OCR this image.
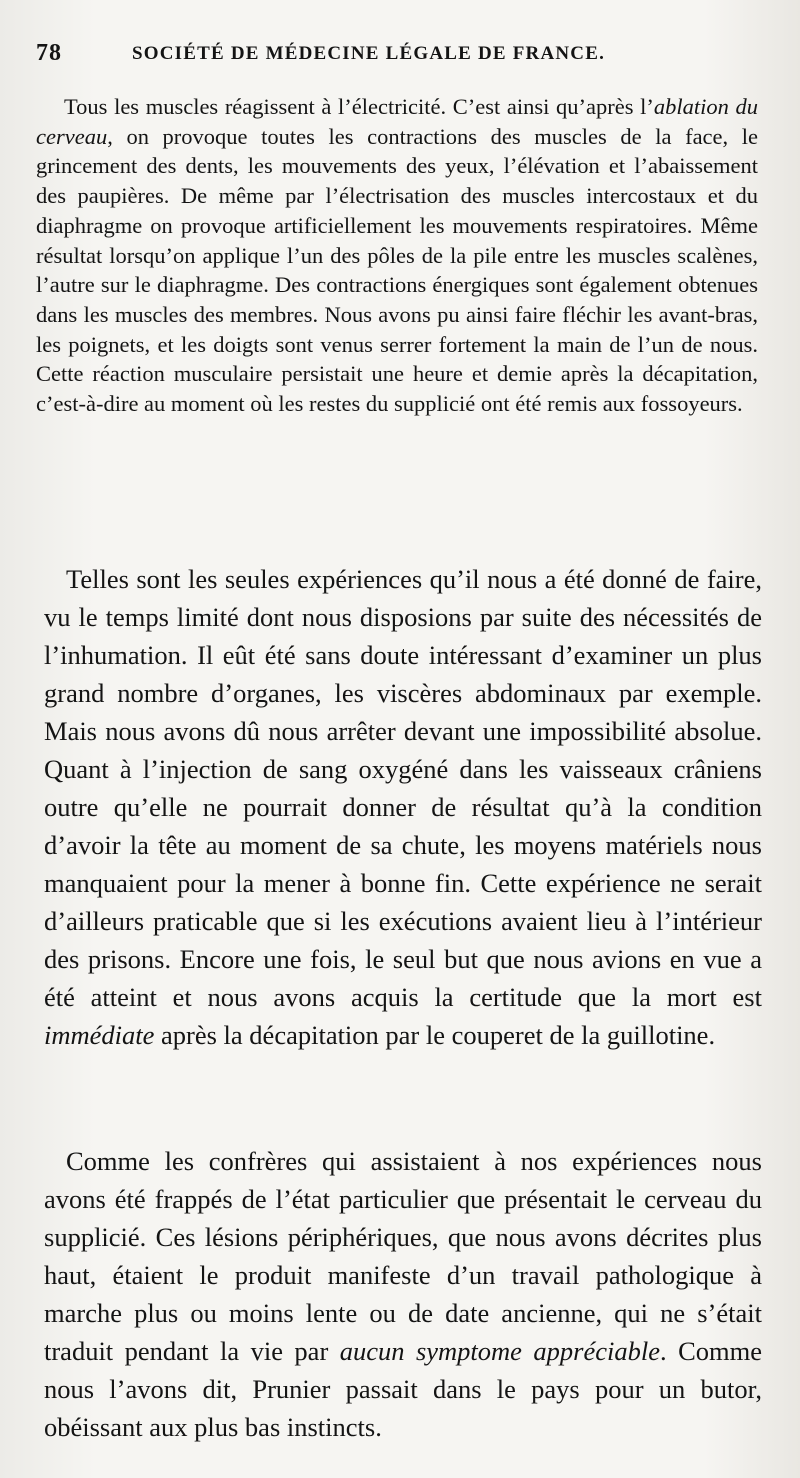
78	SOCIÉTÉ DE MÉDECINE LÉGALE DE FRANCE.

Tous les muscles réagissent à l’électricité. C’est ainsi qu’après l’ablation du cerveau, on provoque toutes les contractions des muscles de la face, le grincement des dents, les mouvements des yeux, l’élévation et l’abaissement des paupières. De même par l’électrisation des muscles intercostaux et du diaphragme on provoque artificiellement les mouvements respiratoires. Même résultat lorsqu’on applique l’un des pôles de la pile entre les muscles scalènes, l’autre sur le diaphragme. Des contractions énergiques sont également obtenues dans les muscles des membres. Nous avons pu ainsi faire fléchir les avant-bras, les poignets, et les doigts sont venus serrer fortement la main de l’un de nous. Cette réaction musculaire persistait une heure et demie après la décapitation, c’est-à-dire au moment où les restes du supplicié ont été remis aux fossoyeurs.

Telles sont les seules expériences qu’il nous a été donné de faire, vu le temps limité dont nous disposions par suite des nécessités de l’inhumation. Il eût été sans doute intéressant d’examiner un plus grand nombre d’organes, les viscères abdominaux par exemple. Mais nous avons dû nous arrêter devant une impossibilité absolue. Quant à l’injection de sang oxygéné dans les vaisseaux crâniens outre qu’elle ne pourrait donner de résultat qu’à la condition d’avoir la tête au moment de sa chute, les moyens matériels nous manquaient pour la mener à bonne fin. Cette expérience ne serait d’ailleurs praticable que si les exécutions avaient lieu à l’intérieur des prisons. Encore une fois, le seul but que nous avions en vue a été atteint et nous avons acquis la certitude que la mort est immédiate après la décapitation par le couperet de la guillotine.

Comme les confrères qui assistaient à nos expériences nous avons été frappés de l’état particulier que présentait le cerveau du supplicié. Ces lésions périphériques, que nous avons décrites plus haut, étaient le produit manifeste d’un travail pathologique à marche plus ou moins lente ou de date ancienne, qui ne s’était traduit pendant la vie par aucun symptome appréciable. Comme nous l’avons dit, Prunier passait dans le pays pour un butor, obéissant aux plus bas instincts.
